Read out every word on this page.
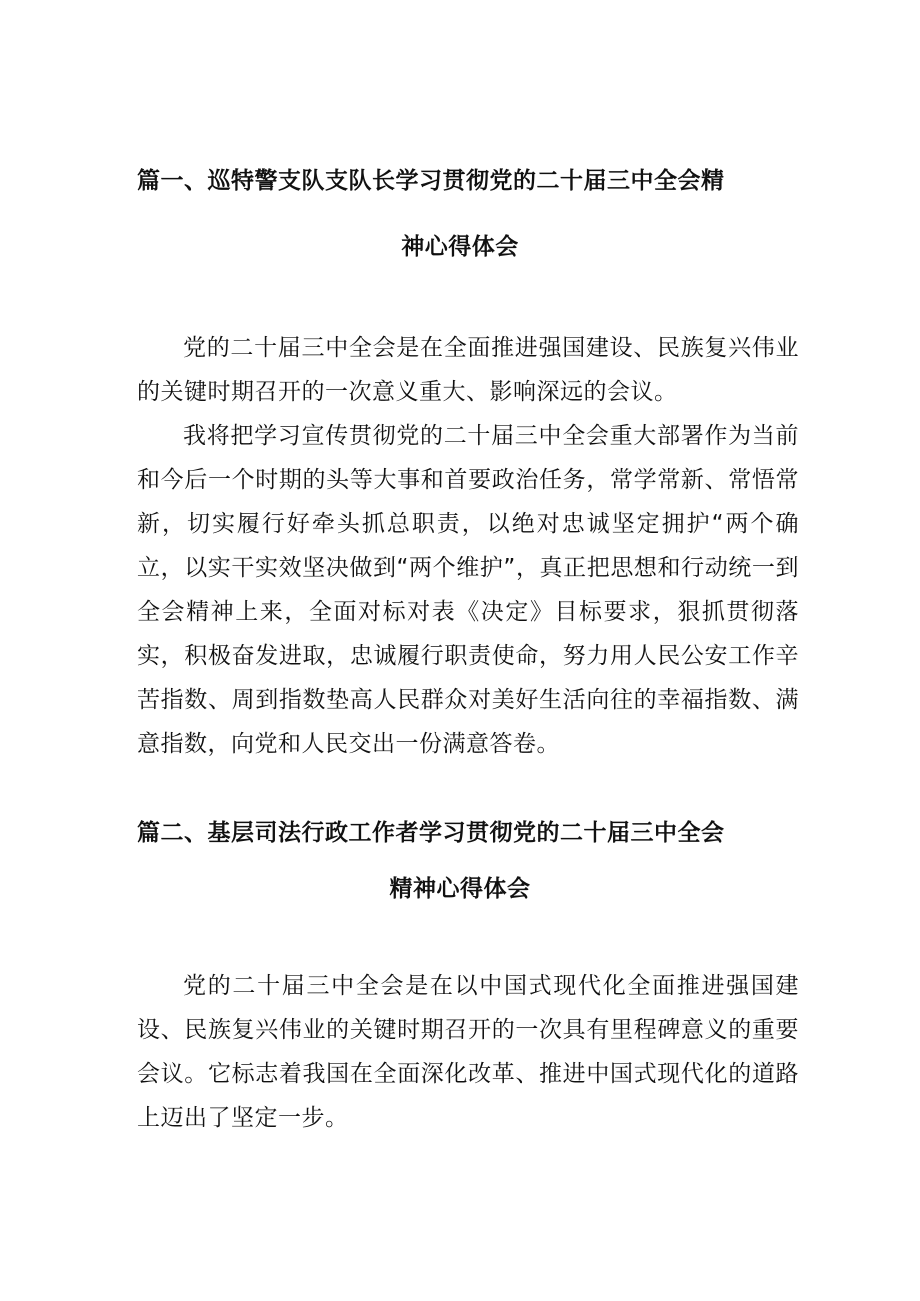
篇一、巡特警支队支队长学习贯彻党的二十届三中全会精
神心得体会
党的二十届三中全会是在全面推进强国建设、民族复兴伟业的关键时期召开的一次意义重大、影响深远的会议。
我将把学习宣传贯彻党的二十届三中全会重大部署作为当前和今后一个时期的头等大事和首要政治任务，常学常新、常悟常新，切实履行好牵头抓总职责，以绝对忠诚坚定拥护“两个确立，以实干实效坚决做到“两个维护”，真正把思想和行动统一到全会精神上来，全面对标对表《决定》目标要求，狠抓贯彻落实，积极奋发进取，忠诚履行职责使命，努力用人民公安工作辛苦指数、周到指数垫高人民群众对美好生活向往的幸福指数、满意指数，向党和人民交出一份满意答卷。
篇二、基层司法行政工作者学习贯彻党的二十届三中全会
精神心得体会
党的二十届三中全会是在以中国式现代化全面推进强国建设、民族复兴伟业的关键时期召开的一次具有里程碑意义的重要会议。它标志着我国在全面深化改革、推进中国式现代化的道路上迈出了坚定一步。
